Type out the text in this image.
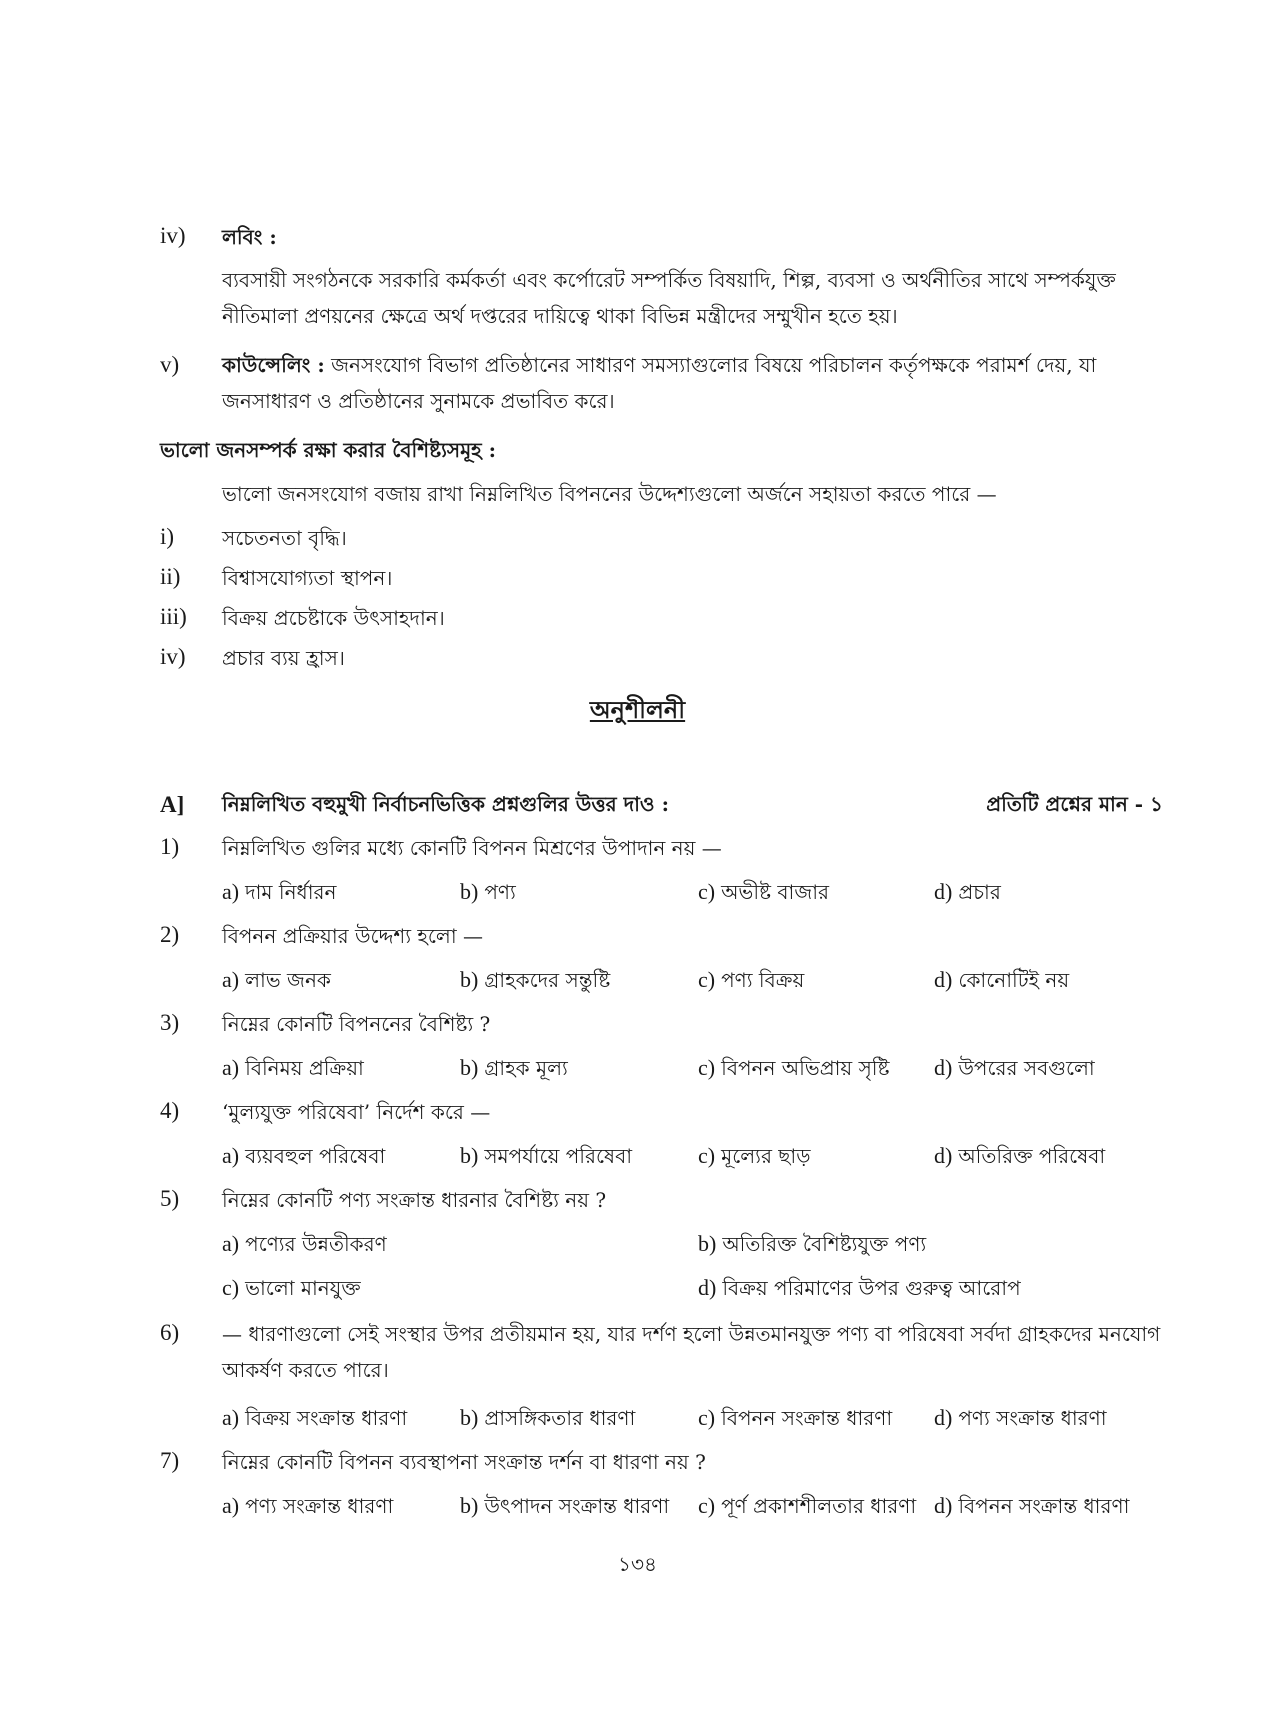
iv) লবিং :
ব্যবসায়ী সংগঠনকে সরকারি কর্মকর্তা এবং কর্পোরেট সম্পর্কিত বিষয়াদি, শিল্প, ব্যবসা ও অর্থনীতির সাথে সম্পর্কযুক্ত নীতিমালা প্রণয়নের ক্ষেত্রে অর্থ দপ্তরের দায়িত্বে থাকা বিভিন্ন মন্ত্রীদের সম্মুখীন হতে হয়।
v) কাউন্সেলিং : জনসংযোগ বিভাগ প্রতিষ্ঠানের সাধারণ সমস্যাগুলোর বিষয়ে পরিচালন কর্তৃপক্ষকে পরামর্শ দেয়, যা জনসাধারণ ও প্রতিষ্ঠানের সুনামকে প্রভাবিত করে।
ভালো জনসম্পর্ক রক্ষা করার বৈশিষ্ট্যসমূহ :
ভালো জনসংযোগ বজায় রাখা নিম্নলিখিত বিপননের উদ্দেশ্যগুলো অর্জনে সহায়তা করতে পারে —
i) সচেতনতা বৃদ্ধি।
ii) বিশ্বাসযোগ্যতা স্থাপন।
iii) বিক্রয় প্রচেষ্টাকে উৎসাহদান।
iv) প্রচার ব্যয় হ্রাস।
অনুশীলনী
A] নিম্নলিখিত বহুমুখী নির্বাচনভিত্তিক প্রশ্নগুলির উত্তর দাও :	প্রতিটি প্রশ্নের মান - ১
1) নিম্নলিখিত গুলির মধ্যে কোনটি বিপনন মিশ্রণের উপাদান নয় —
a) দাম নির্ধারন	b) পণ্য	c) অভীষ্ট বাজার	d) প্রচার
2) বিপনন প্রক্রিয়ার উদ্দেশ্য হলো —
a) লাভ জনক	b) গ্রাহকদের সন্তুষ্টি	c) পণ্য বিক্রয়	d) কোনোটিই নয়
3) নিম্নের কোনটি বিপননের বৈশিষ্ট্য ?
a) বিনিময় প্রক্রিয়া	b) গ্রাহক মূল্য	c) বিপনন অভিপ্রায় সৃষ্টি d) উপরের সবগুলো
4) ‘মুল্যযুক্ত পরিষেবা’ নির্দেশ করে —
a) ব্যয়বহুল পরিষেবা	b) সমপর্যায়ে পরিষেবা	c) মূল্যের ছাড়	d) অতিরিক্ত পরিষেবা
5) নিম্নের কোনটি পণ্য সংক্রান্ত ধারনার বৈশিষ্ট্য নয় ?
a) পণ্যের উন্নতীকরণ	b) অতিরিক্ত বৈশিষ্ট্যযুক্ত পণ্য
c) ভালো মানযুক্ত	d) বিক্রয় পরিমাণের উপর গুরুত্ব আরোপ
6) — ধারণাগুলো সেই সংস্থার উপর প্রতীয়মান হয়, যার দর্শণ হলো উন্নতমানযুক্ত পণ্য বা পরিষেবা সর্বদা গ্রাহকদের মনযোগ আকর্ষণ করতে পারে।
a) বিক্রয় সংক্রান্ত ধারণা b) প্রাসঙ্গিকতার ধারণা	c) বিপনন সংক্রান্ত ধারণা d) পণ্য সংক্রান্ত ধারণা
7) নিম্নের কোনটি বিপনন ব্যবস্থাপনা সংক্রান্ত দর্শন বা ধারণা নয় ?
a) পণ্য সংক্রান্ত ধারণা	b) উৎপাদন সংক্রান্ত ধারণা c) পূর্ণ প্রকাশশীলতার ধারণা d) বিপনন সংক্রান্ত ধারণা
১৩৪
